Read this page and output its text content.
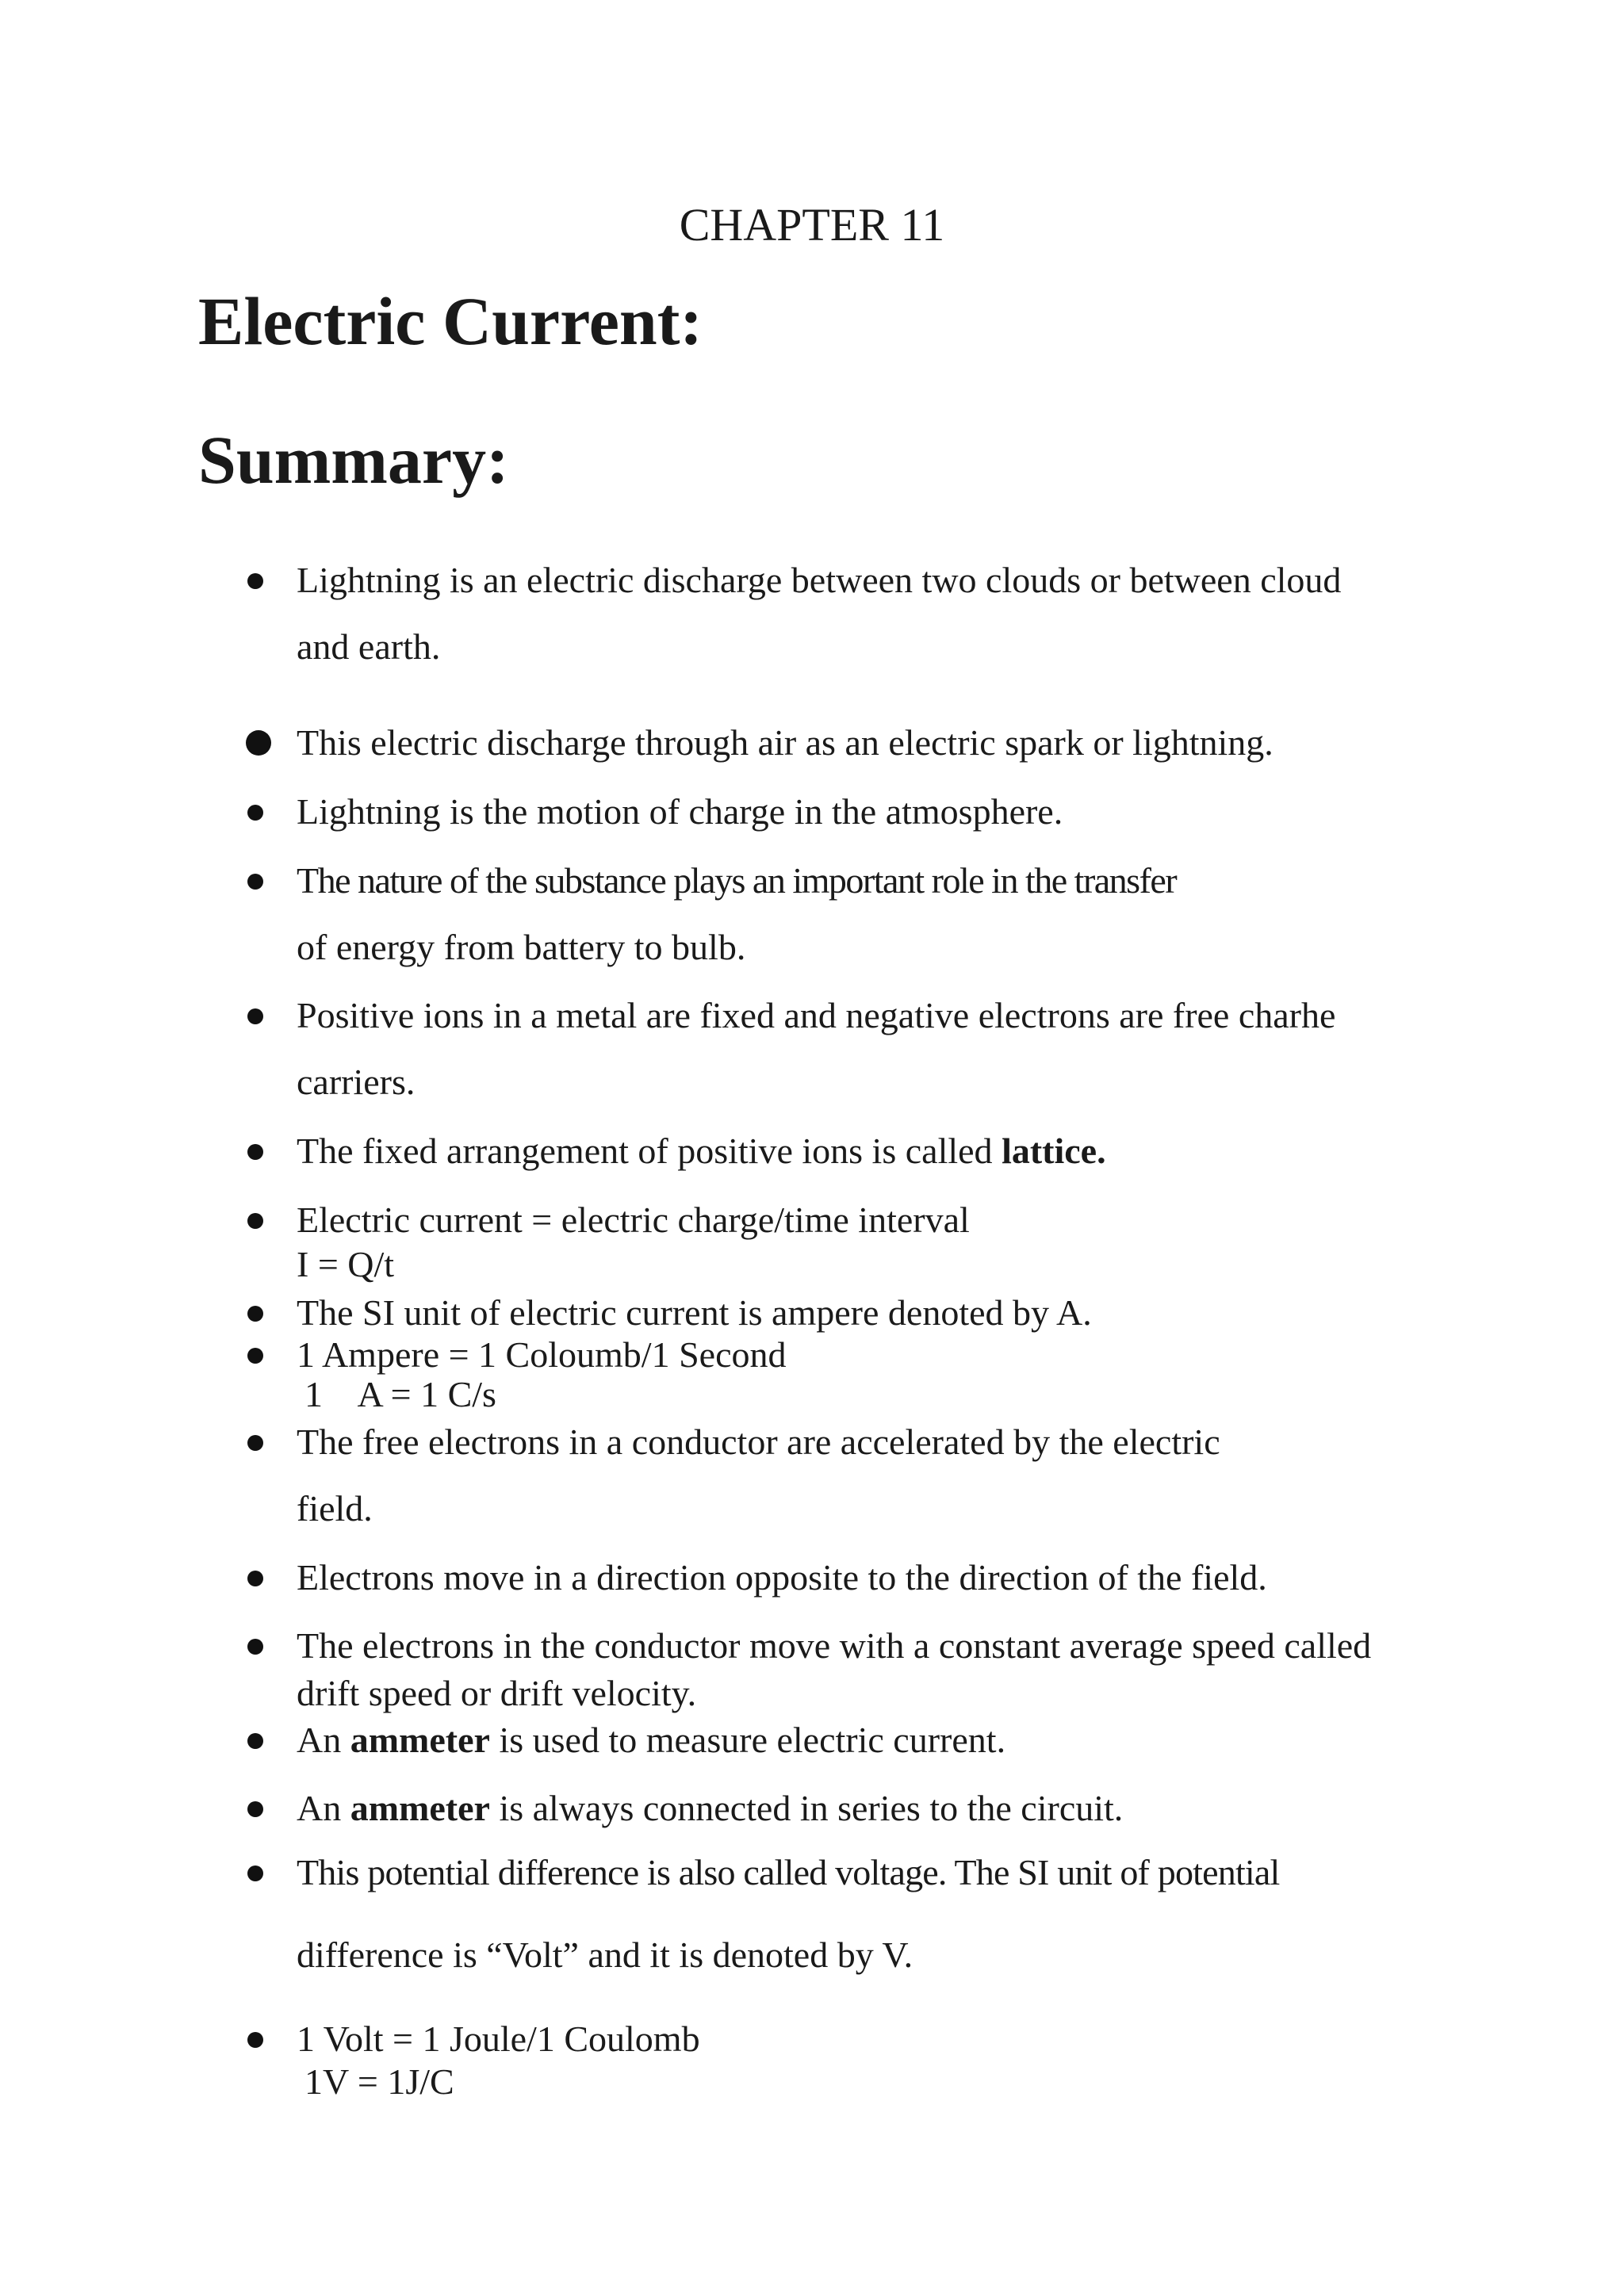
CHAPTER 11
Electric Current:
Summary:
Lightning is an electric discharge between two clouds or between cloud
and earth.
This electric discharge through air as an electric spark or lightning.
Lightning is the motion of charge in the atmosphere.
The nature of the substance plays an important role in the transfer
of energy from battery to bulb.
Positive ions in a metal are fixed and negative electrons are free charhe
carriers.
The fixed arrangement of positive ions is called lattice.
Electric current = electric charge/time interval
I = Q/t
The SI unit of electric current is ampere denoted by A.
1 Ampere = 1 Coloumb/1 Second
1    A = 1 C/s
The free electrons in a conductor are accelerated by the electric
field.
Electrons move in a direction opposite to the direction of the field.
The electrons in the conductor move with a constant average speed called
drift speed or drift velocity.
An ammeter is used to measure electric current.
An ammeter is always connected in series to the circuit.
This potential difference is also called voltage. The SI unit of potential
difference is “Volt” and it is denoted by V.
1 Volt = 1 Joule/1 Coulomb
1V = 1J/C
